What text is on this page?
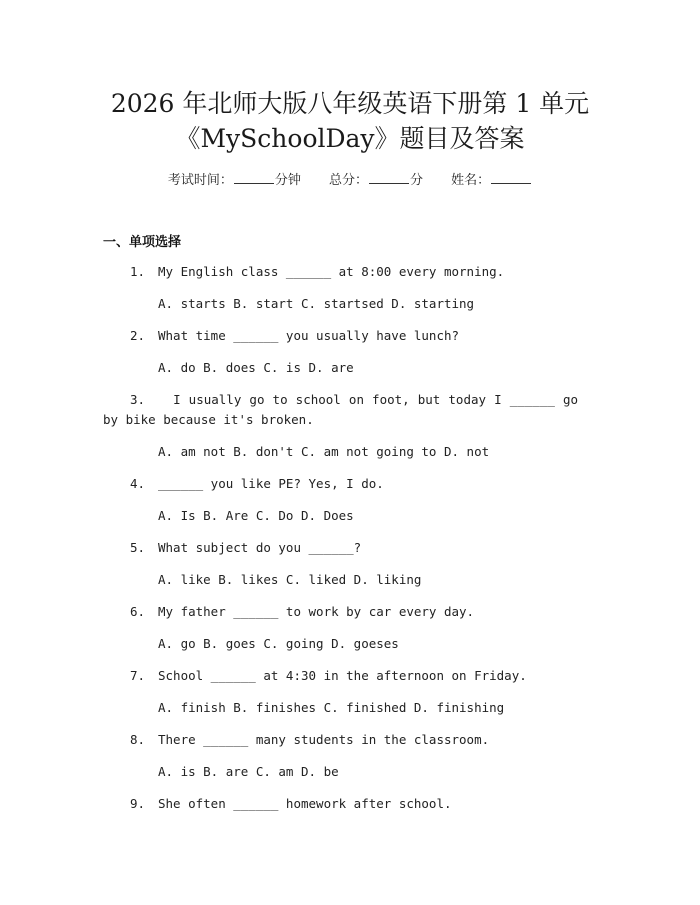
2026 年北师大版八年级英语下册第 1 单元
《MySchoolDay》题目及答案
考试时间：	分钟 总分：	分 姓名：
一、单项选择
1.	My English class ______ at 8:00 every morning.
A. starts B. start C. startsed D. starting
2.	What time ______ you usually have lunch?
A. do B. does C. is D. are
3. I usually go to school on foot, but today I ______ go by bike because it's broken.
A. am not B. don't C. am not going to D. not
4.	______ you like PE? Yes, I do.
A. Is B. Are C. Do D. Does
5.	What subject do you ______?
A. like B. likes C. liked D. liking
6.	My father ______ to work by car every day.
A. go B. goes C. going D. goeses
7.	School ______ at 4:30 in the afternoon on Friday.
A. finish B. finishes C. finished D. finishing
8.	There ______ many students in the classroom.
A. is B. are C. am D. be
9.	She often ______ homework after school.
